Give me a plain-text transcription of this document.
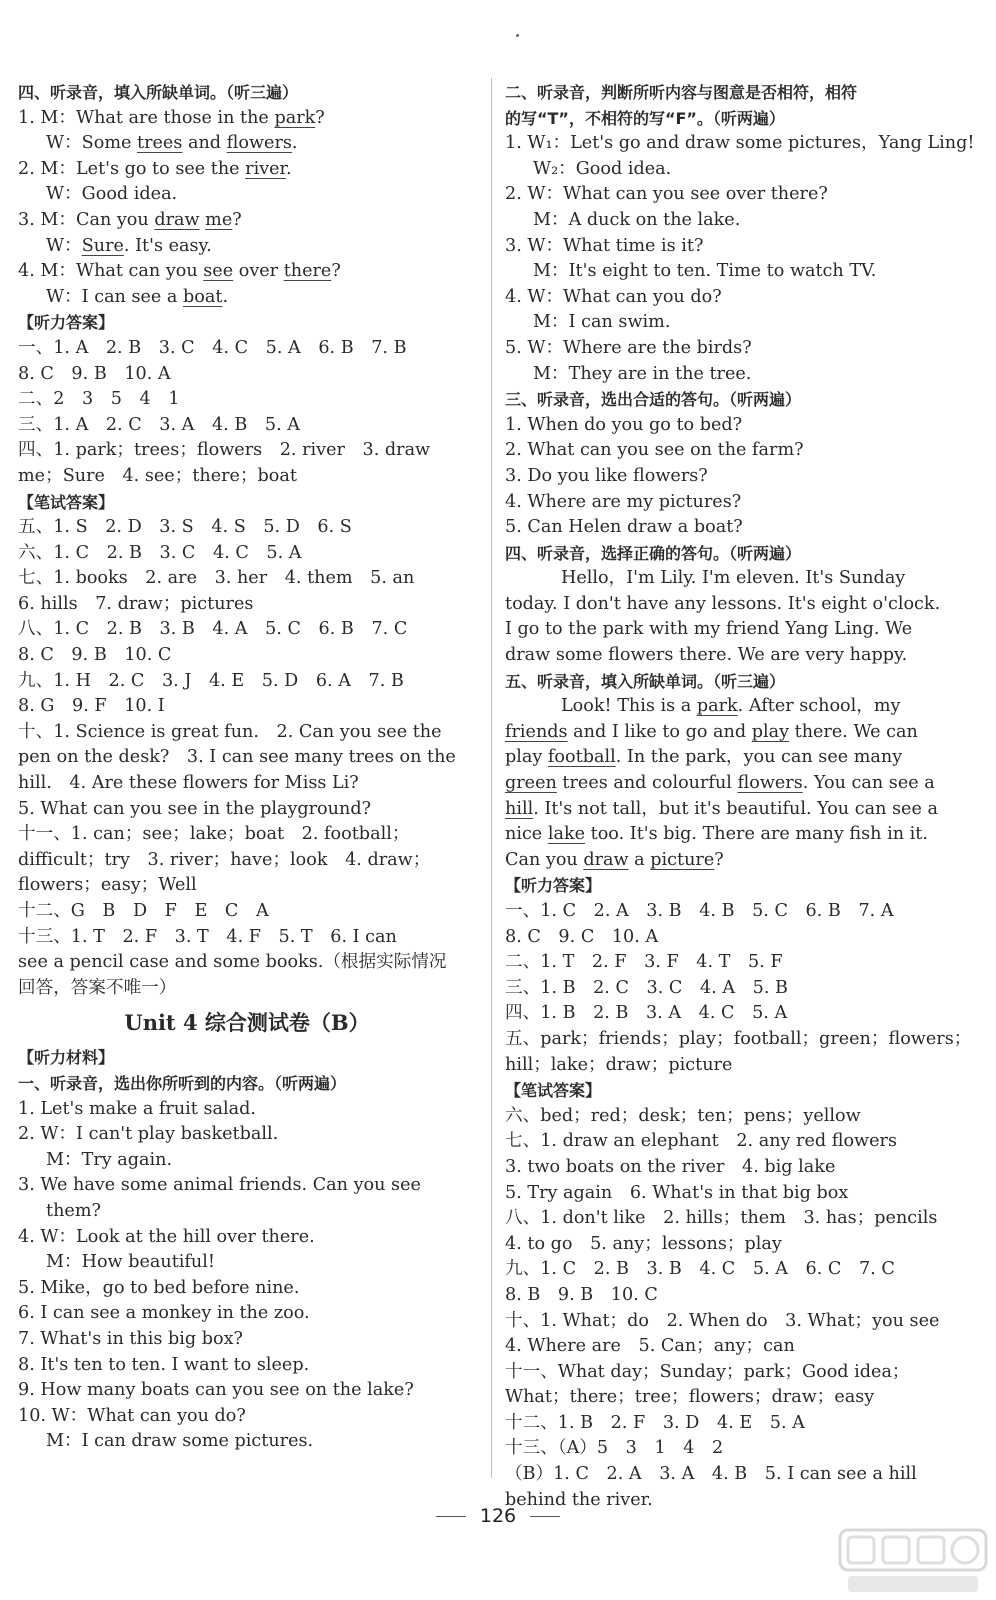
四、听录音，填入所缺单词。（听三遍）
1. M：What are those in the park?
W：Some trees and flowers.
2. M：Let's go to see the river.
W：Good idea.
3. M：Can you draw me?
W：Sure. It's easy.
4. M：What can you see over there?
W：I can see a boat.
【听力答案】
一、1. A　2. B　3. C　4. C　5. A　6. B　7. B
8. C　9. B　10. A
二、2　3　5　4　1
三、1. A　2. C　3. A　4. B　5. A
四、1. park；trees；flowers　2. river　3. draw
me；Sure　4. see；there；boat
【笔试答案】
五、1. S　2. D　3. S　4. S　5. D　6. S
六、1. C　2. B　3. C　4. C　5. A
七、1. books　2. are　3. her　4. them　5. an
6. hills　7. draw；pictures
八、1. C　2. B　3. B　4. A　5. C　6. B　7. C
8. C　9. B　10. C
九、1. H　2. C　3. J　4. E　5. D　6. A　7. B
8. G　9. F　10. I
十、1. Science is great fun.　2. Can you see the
pen on the desk?　3. I can see many trees on the
hill.　4. Are these flowers for Miss Li?
5. What can you see in the playground?
十一、1. can；see；lake；boat　2. football；
difficult；try　3. river；have；look　4. draw；
flowers；easy；Well
十二、G　B　D　F　E　C　A
十三、1. T　2. F　3. T　4. F　5. T　6. I can
see a pencil case and some books.（根据实际情况
回答，答案不唯一）
Unit 4 综合测试卷（B）
【听力材料】
一、听录音，选出你所听到的内容。（听两遍）
1. Let's make a fruit salad.
2. W：I can't play basketball.
M：Try again.
3. We have some animal friends. Can you see
them?
4. W：Look at the hill over there.
M：How beautiful!
5. Mike，go to bed before nine.
6. I can see a monkey in the zoo.
7. What's in this big box?
8. It's ten to ten. I want to sleep.
9. How many boats can you see on the lake?
10. W：What can you do?
M：I can draw some pictures.
二、听录音，判断所听内容与图意是否相符，相符
的写“T”，不相符的写“F”。（听两遍）
1. W₁：Let's go and draw some pictures，Yang Ling!
W₂：Good idea.
2. W：What can you see over there?
M：A duck on the lake.
3. W：What time is it?
M：It's eight to ten. Time to watch TV.
4. W：What can you do?
M：I can swim.
5. W：Where are the birds?
M：They are in the tree.
三、听录音，选出合适的答句。（听两遍）
1. When do you go to bed?
2. What can you see on the farm?
3. Do you like flowers?
4. Where are my pictures?
5. Can Helen draw a boat?
四、听录音，选择正确的答句。（听两遍）
Hello，I'm Lily. I'm eleven. It's Sunday
today. I don't have any lessons. It's eight o'clock.
I go to the park with my friend Yang Ling. We
draw some flowers there. We are very happy.
五、听录音，填入所缺单词。（听三遍）
Look! This is a park. After school，my
friends and I like to go and play there. We can
play football. In the park，you can see many
green trees and colourful flowers. You can see a
hill. It's not tall，but it's beautiful. You can see a
nice lake too. It's big. There are many fish in it.
Can you draw a picture?
【听力答案】
一、1. C　2. A　3. B　4. B　5. C　6. B　7. A
8. C　9. C　10. A
二、1. T　2. F　3. F　4. T　5. F
三、1. B　2. C　3. C　4. A　5. B
四、1. B　2. B　3. A　4. C　5. A
五、park；friends；play；football；green；flowers；
hill；lake；draw；picture
【笔试答案】
六、bed；red；desk；ten；pens；yellow
七、1. draw an elephant　2. any red flowers
3. two boats on the river　4. big lake
5. Try again　6. What's in that big box
八、1. don't like　2. hills；them　3. has；pencils
4. to go　5. any；lessons；play
九、1. C　2. B　3. B　4. C　5. A　6. C　7. C
8. B　9. B　10. C
十、1. What；do　2. When do　3. What；you see
4. Where are　5. Can；any；can
十一、What day；Sunday；park；Good idea；
What；there；tree；flowers；draw；easy
十二、1. B　2. F　3. D　4. E　5. A
十三、（A）5　3　1　4　2
（B）1. C　2. A　3. A　4. B　5. I can see a hill
behind the river.
126
